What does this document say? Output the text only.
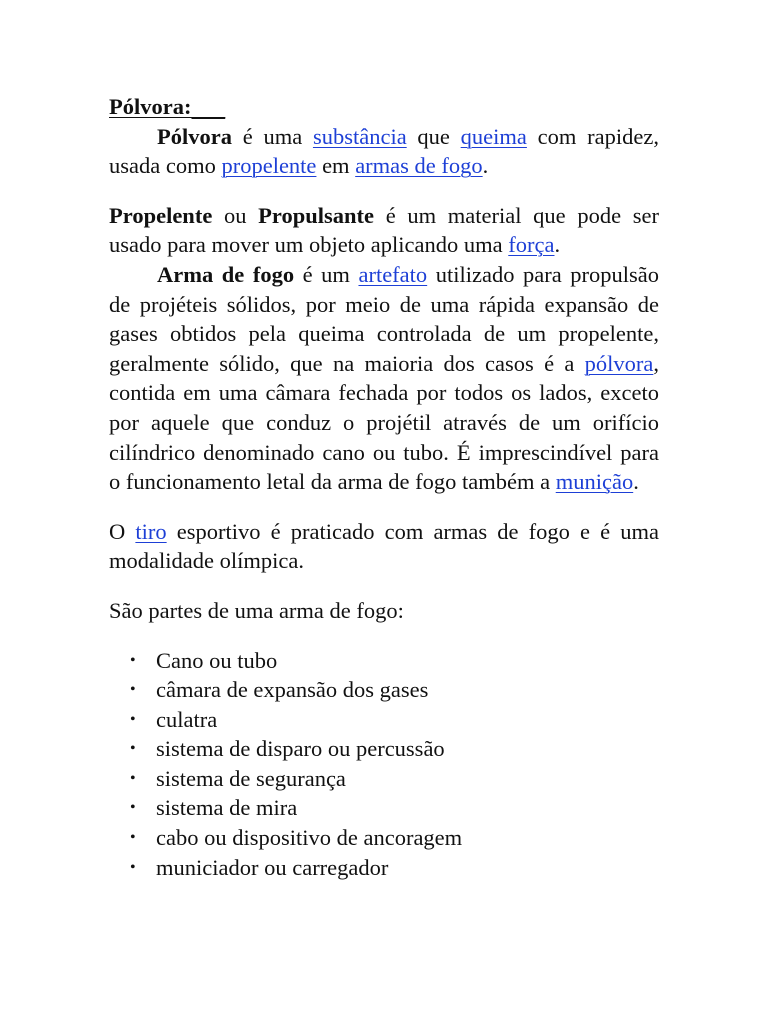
Pólvora:

Pólvora é uma substância que queima com rapidez, usada como propelente em armas de fogo.

Propelente ou Propulsante é um material que pode ser usado para mover um objeto aplicando uma força.

Arma de fogo é um artefato utilizado para propulsão de projéteis sólidos, por meio de uma rápida expansão de gases obtidos pela queima controlada de um propelente, geralmente sólido, que na maioria dos casos é a pólvora, contida em uma câmara fechada por todos os lados, exceto por aquele que conduz o projétil através de um orifício cilíndrico denominado cano ou tubo. É imprescindível para o funcionamento letal da arma de fogo também a munição.

O tiro esportivo é praticado com armas de fogo e é uma modalidade olímpica.

São partes de uma arma de fogo:

• Cano ou tubo
• câmara de expansão dos gases
• culatra
• sistema de disparo ou percussão
• sistema de segurança
• sistema de mira
• cabo ou dispositivo de ancoragem
• municiador ou carregador
